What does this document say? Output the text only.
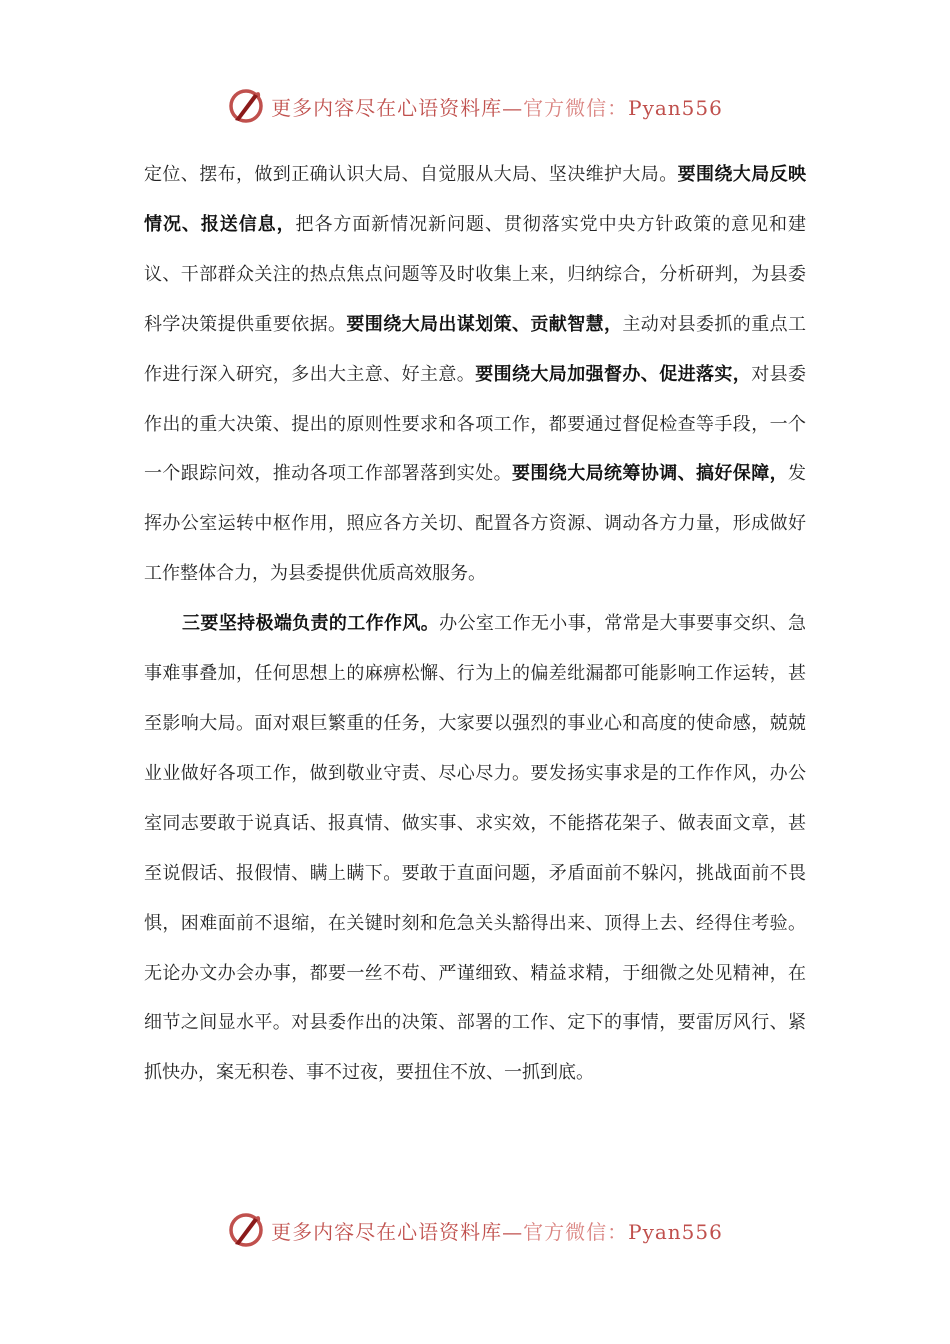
更多内容尽在心语资料库—官方微信：Pyan556

定位、摆布，做到正确认识大局、自觉服从大局、坚决维护大局。要围绕大局反映情况、报送信息，把各方面新情况新问题、贯彻落实党中央方针政策的意见和建议、干部群众关注的热点焦点问题等及时收集上来，归纳综合，分析研判，为县委科学决策提供重要依据。要围绕大局出谋划策、贡献智慧，主动对县委抓的重点工作进行深入研究，多出大主意、好主意。要围绕大局加强督办、促进落实，对县委作出的重大决策、提出的原则性要求和各项工作，都要通过督促检查等手段，一个一个跟踪问效，推动各项工作部署落到实处。要围绕大局统筹协调、搞好保障，发挥办公室运转中枢作用，照应各方关切、配置各方资源、调动各方力量，形成做好工作整体合力，为县委提供优质高效服务。

三要坚持极端负责的工作作风。办公室工作无小事，常常是大事要事交织、急事难事叠加，任何思想上的麻痹松懈、行为上的偏差纰漏都可能影响工作运转，甚至影响大局。面对艰巨繁重的任务，大家要以强烈的事业心和高度的使命感，兢兢业业做好各项工作，做到敬业守责、尽心尽力。要发扬实事求是的工作作风，办公室同志要敢于说真话、报真情、做实事、求实效，不能搭花架子、做表面文章，甚至说假话、报假情、瞒上瞒下。要敢于直面问题，矛盾面前不躲闪，挑战面前不畏惧，困难面前不退缩，在关键时刻和危急关头豁得出来、顶得上去、经得住考验。无论办文办会办事，都要一丝不苟、严谨细致、精益求精，于细微之处见精神，在细节之间显水平。对县委作出的决策、部署的工作、定下的事情，要雷厉风行、紧抓快办，案无积卷、事不过夜，要扭住不放、一抓到底。

更多内容尽在心语资料库—官方微信：Pyan556
